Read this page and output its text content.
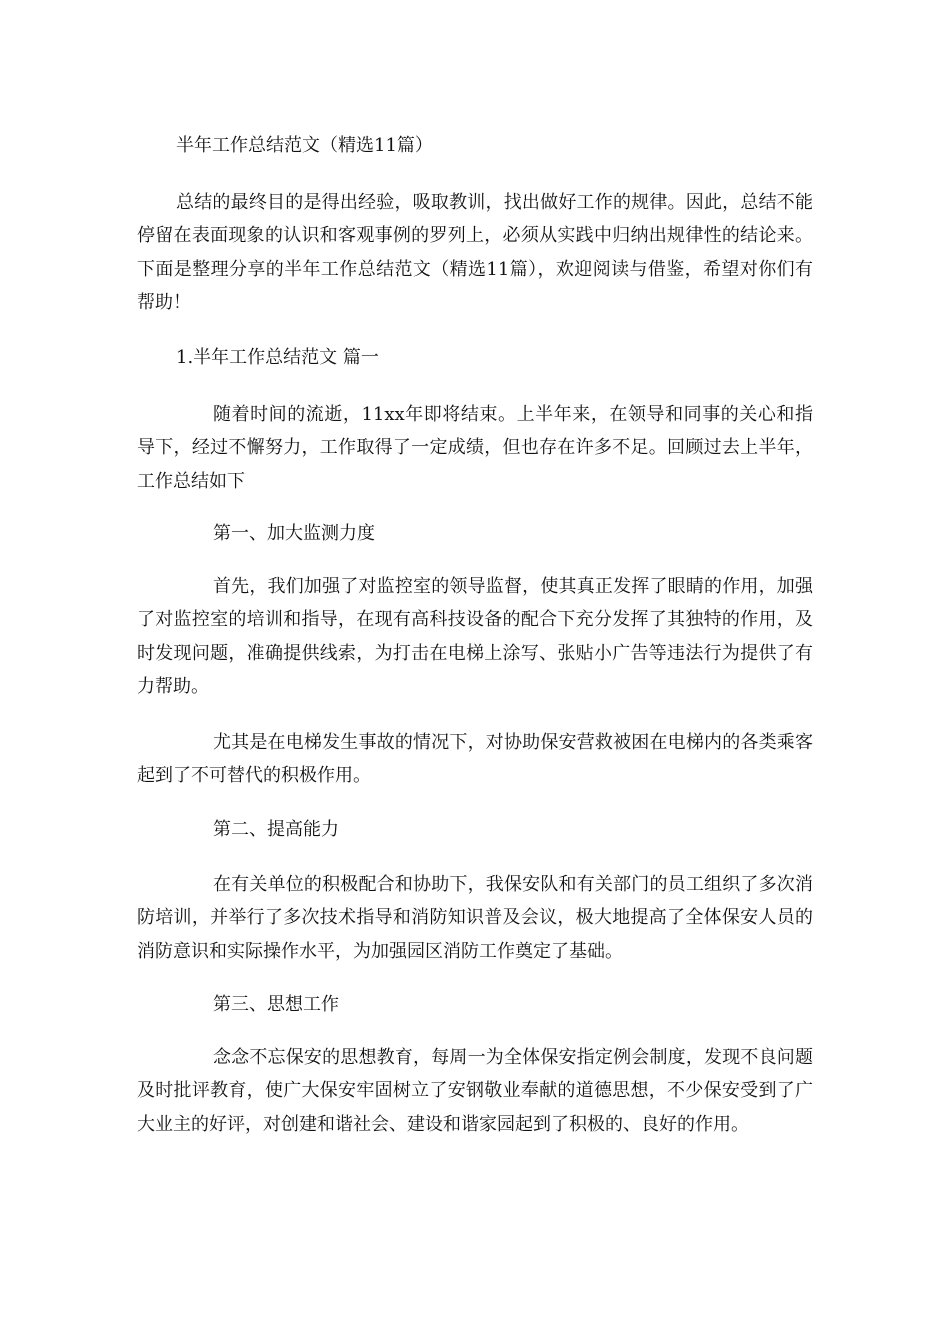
半年工作总结范文（精选11篇）

总结的最终目的是得出经验，吸取教训，找出做好工作的规律。因此，总结不能停留在表面现象的认识和客观事例的罗列上，必须从实践中归纳出规律性的结论来。下面是整理分享的半年工作总结范文（精选11篇），欢迎阅读与借鉴，希望对你们有帮助！

1.半年工作总结范文 篇一

随着时间的流逝，11xx年即将结束。上半年来，在领导和同事的关心和指导下，经过不懈努力，工作取得了一定成绩，但也存在许多不足。回顾过去上半年，工作总结如下

第一、加大监测力度

首先，我们加强了对监控室的领导监督，使其真正发挥了眼睛的作用，加强了对监控室的培训和指导，在现有高科技设备的配合下充分发挥了其独特的作用，及时发现问题，准确提供线索，为打击在电梯上涂写、张贴小广告等违法行为提供了有力帮助。

尤其是在电梯发生事故的情况下，对协助保安营救被困在电梯内的各类乘客起到了不可替代的积极作用。

第二、提高能力

在有关单位的积极配合和协助下，我保安队和有关部门的员工组织了多次消防培训，并举行了多次技术指导和消防知识普及会议，极大地提高了全体保安人员的消防意识和实际操作水平，为加强园区消防工作奠定了基础。

第三、思想工作

念念不忘保安的思想教育，每周一为全体保安指定例会制度，发现不良问题及时批评教育，使广大保安牢固树立了安钢敬业奉献的道德思想，不少保安受到了广大业主的好评，对创建和谐社会、建设和谐家园起到了积极的、良好的作用。
